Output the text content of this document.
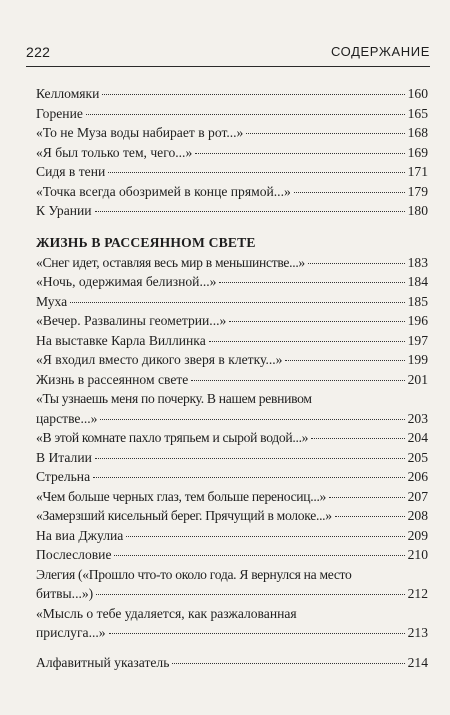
222	СОДЕРЖАНИЕ
Келломяки	160
Горение	165
«То не Муза воды набирает в рот...»	168
«Я был только тем, чего...»	169
Сидя в тени	171
«Точка всегда обозримей в конце прямой...»	179
К Урании	180
ЖИЗНЬ В РАССЕЯННОМ СВЕТЕ
«Снег идет, оставляя весь мир в меньшинстве...»	183
«Ночь, одержимая белизной...»	184
Муха	185
«Вечер. Развалины геометрии...»	196
На выставке Карла Виллинка	197
«Я входил вместо дикого зверя в клетку...»	199
Жизнь в рассеянном свете	201
«Ты узнаешь меня по почерку. В нашем ревнивом
царстве...»	203
«В этой комнате пахло тряпьем и сырой водой...»	204
В Италии	205
Стрельна	206
«Чем больше черных глаз, тем больше переносиц...»	207
«Замерзший кисельный берег. Прячущий в молоке...»	208
На виа Джулиа	209
Послесловие	210
Элегия («Прошло что-то около года. Я вернулся на место
битвы...»)	212
«Мысль о тебе удаляется, как разжалованная
прислуга...»	213
Алфавитный указатель	214
